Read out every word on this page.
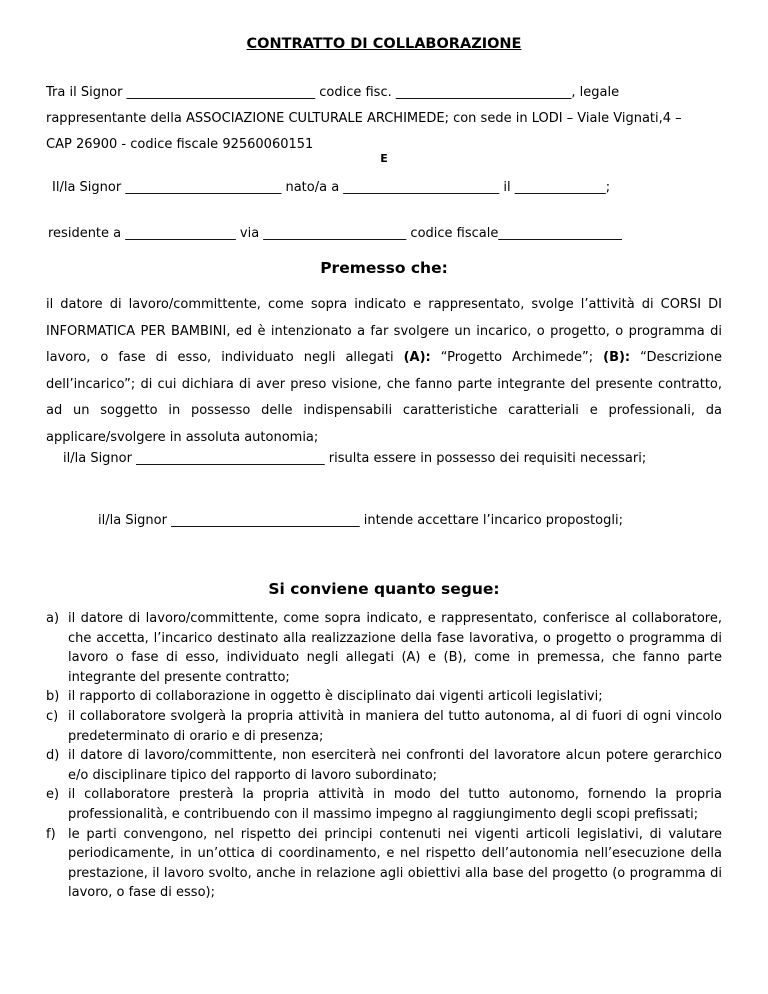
CONTRATTO DI COLLABORAZIONE

Tra il Signor _____________________________ codice fisc. ___________________________, legale
rappresentante della ASSOCIAZIONE CULTURALE ARCHIMEDE; con sede in LODI – Viale Vignati,4 –
CAP 26900 - codice fiscale 92560060151

E

Il/la Signor ________________________ nato/a a ________________________ il ______________;

residente a _________________ via ______________________ codice fiscale___________________

Premesso che:

il datore di lavoro/committente, come sopra indicato e rappresentato, svolge l’attività di CORSI DI INFORMATICA PER BAMBINI, ed è intenzionato a far svolgere un incarico, o progetto, o programma di lavoro, o fase di esso, individuato negli allegati (A): “Progetto Archimede”; (B): “Descrizione dell’incarico”; di cui dichiara di aver preso visione, che fanno parte integrante del presente contratto, ad un soggetto in possesso delle indispensabili caratteristiche caratteriali e professionali, da applicare/svolgere in assoluta autonomia;

il/la Signor _____________________________ risulta essere in possesso dei requisiti necessari;

il/la Signor _____________________________ intende accettare l’incarico propostogli;

Si conviene quanto segue:
a) il datore di lavoro/committente, come sopra indicato, e rappresentato, conferisce al collaboratore, che accetta, l’incarico destinato alla realizzazione della fase lavorativa, o progetto o programma di lavoro o fase di esso, individuato negli allegati (A) e (B), come in premessa, che fanno parte integrante del presente contratto;
b) il rapporto di collaborazione in oggetto è disciplinato dai vigenti articoli legislativi;
c) il collaboratore svolgerà la propria attività in maniera del tutto autonoma, al di fuori di ogni vincolo predeterminato di orario e di presenza;
d) il datore di lavoro/committente, non eserciterà nei confronti del lavoratore alcun potere gerarchico e/o disciplinare tipico del rapporto di lavoro subordinato;
e) il collaboratore presterà la propria attività in modo del tutto autonomo, fornendo la propria professionalità, e contribuendo con il massimo impegno al raggiungimento degli scopi prefissati;
f) le parti convengono, nel rispetto dei principi contenuti nei vigenti articoli legislativi, di valutare periodicamente, in un’ottica di coordinamento, e nel rispetto dell’autonomia nell’esecuzione della prestazione, il lavoro svolto, anche in relazione agli obiettivi alla base del progetto (o programma di lavoro, o fase di esso);
